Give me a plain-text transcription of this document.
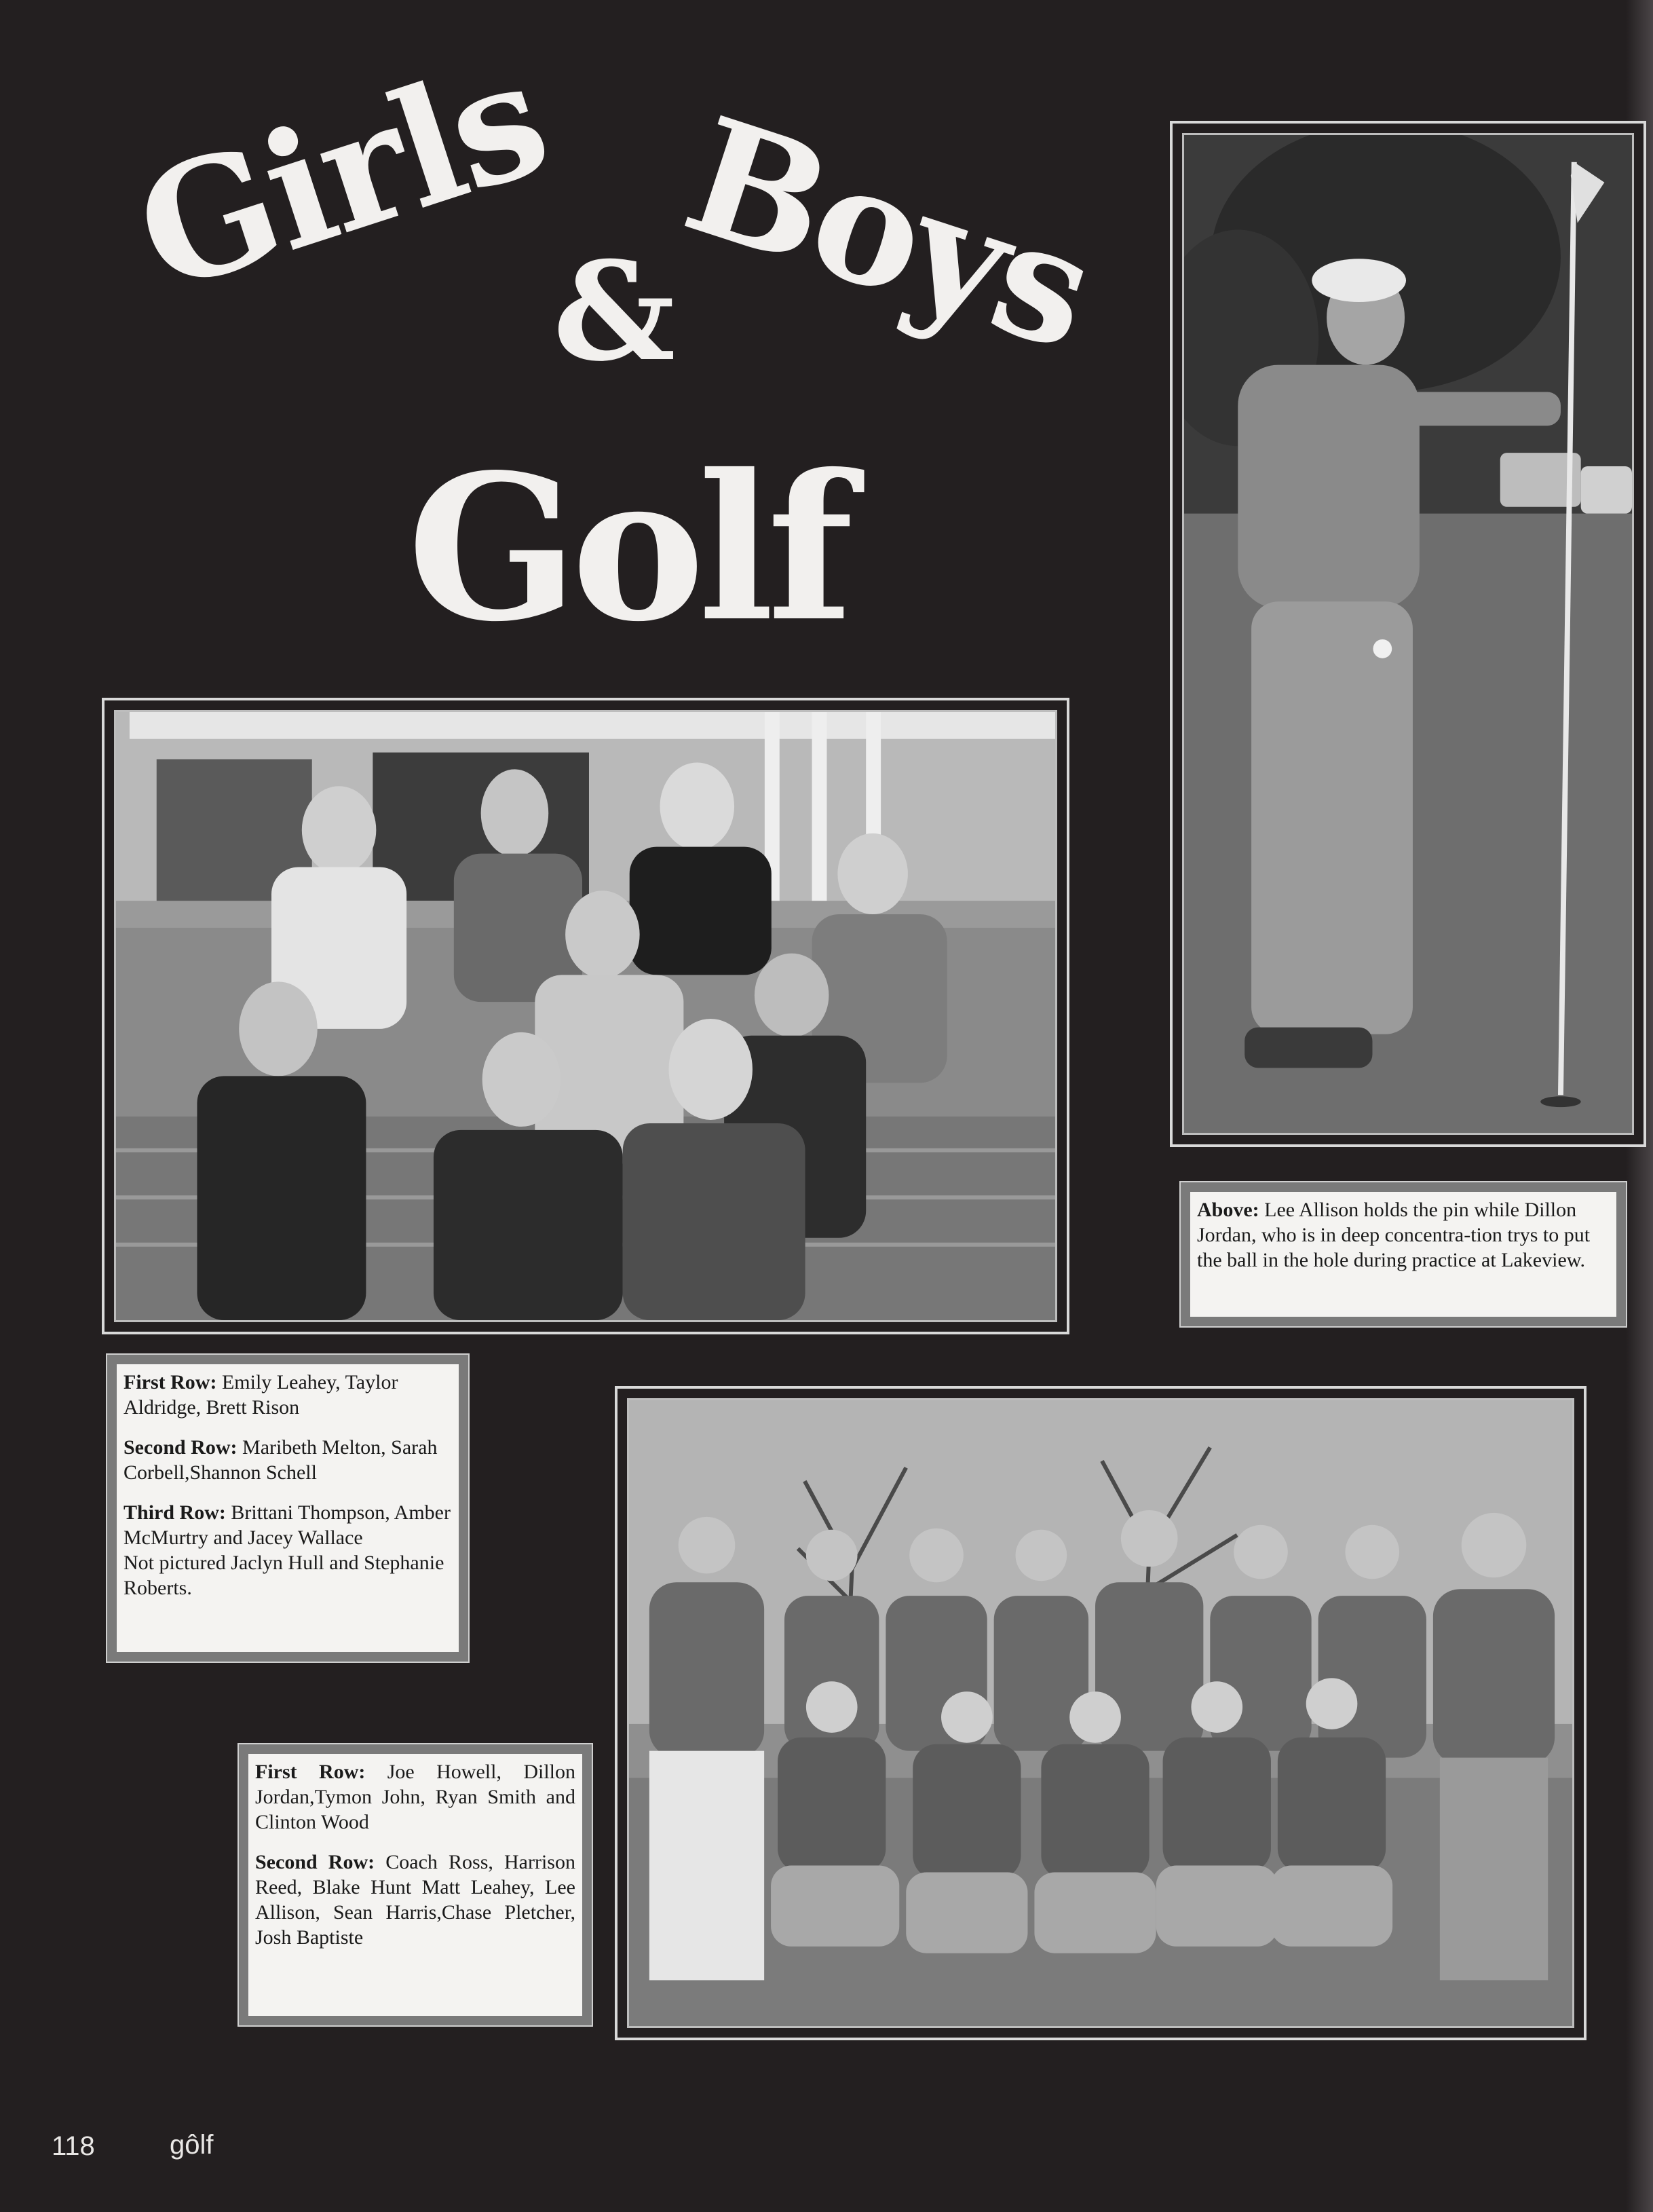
Girls
&
Boys
Golf
Above: Lee Allison holds the pin while Dillon Jordan, who is in deep concentra-tion trys to put the ball in the hole during practice at Lakeview.

First Row: Emily Leahey, Taylor Aldridge, Brett Rison

Second Row: Maribeth Melton, Sarah Corbell,Shannon Schell

Third Row: Brittani Thompson, Amber McMurtry and Jacey Wallace
Not pictured Jaclyn Hull and Stephanie Roberts.

First Row: Joe Howell, Dillon Jordan,Tymon John, Ryan Smith and Clinton Wood

Second Row: Coach Ross, Harrison Reed, Blake Hunt Matt Leahey, Lee Allison, Sean Harris,Chase Pletcher, Josh Baptiste

118	gôlf
